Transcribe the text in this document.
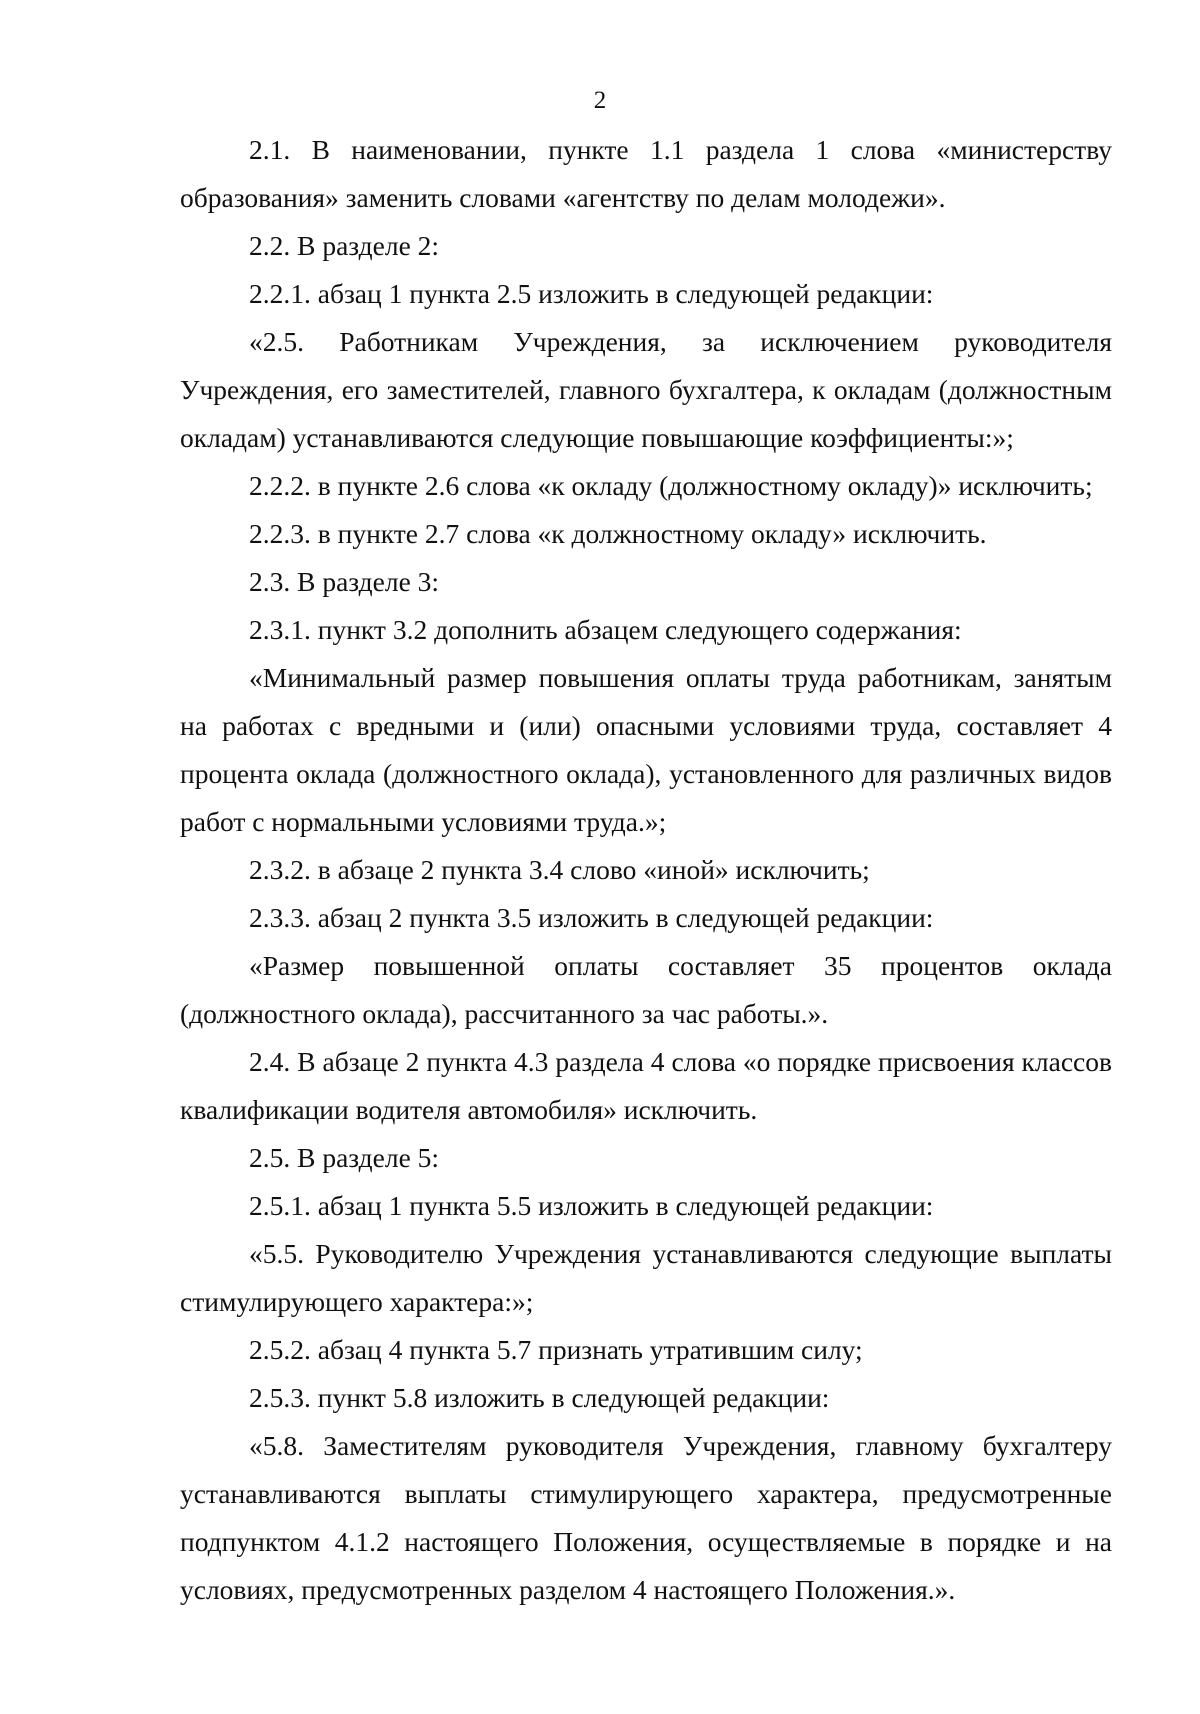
2

2.1. В наименовании, пункте 1.1 раздела 1 слова «министерству образования» заменить словами «агентству по делам молодежи».

2.2. В разделе 2:

2.2.1. абзац 1 пункта 2.5 изложить в следующей редакции:

«2.5. Работникам Учреждения, за исключением руководителя Учреждения, его заместителей, главного бухгалтера, к окладам (должностным окладам) устанавливаются следующие повышающие коэффициенты:»;

2.2.2. в пункте 2.6 слова «к окладу (должностному окладу)» исключить;

2.2.3. в пункте 2.7 слова «к должностному окладу» исключить.

2.3. В разделе 3:

2.3.1. пункт 3.2 дополнить абзацем следующего содержания:

«Минимальный размер повышения оплаты труда работникам, занятым на работах с вредными и (или) опасными условиями труда, составляет 4 процента оклада (должностного оклада), установленного для различных видов работ с нормальными условиями труда.»;

2.3.2. в абзаце 2 пункта 3.4 слово «иной» исключить;

2.3.3. абзац 2 пункта 3.5 изложить в следующей редакции:

«Размер повышенной оплаты составляет 35 процентов оклада (должностного оклада), рассчитанного за час работы.».

2.4. В абзаце 2 пункта 4.3 раздела 4 слова «о порядке присвоения классов квалификации водителя автомобиля» исключить.

2.5. В разделе 5:

2.5.1. абзац 1 пункта 5.5 изложить в следующей редакции:

«5.5. Руководителю Учреждения устанавливаются следующие выплаты стимулирующего характера:»;

2.5.2. абзац 4 пункта 5.7 признать утратившим силу;

2.5.3. пункт 5.8 изложить в следующей редакции:

«5.8. Заместителям руководителя Учреждения, главному бухгалтеру устанавливаются выплаты стимулирующего характера, предусмотренные подпунктом 4.1.2 настоящего Положения, осуществляемые в порядке и на условиях, предусмотренных разделом 4 настоящего Положения.».
